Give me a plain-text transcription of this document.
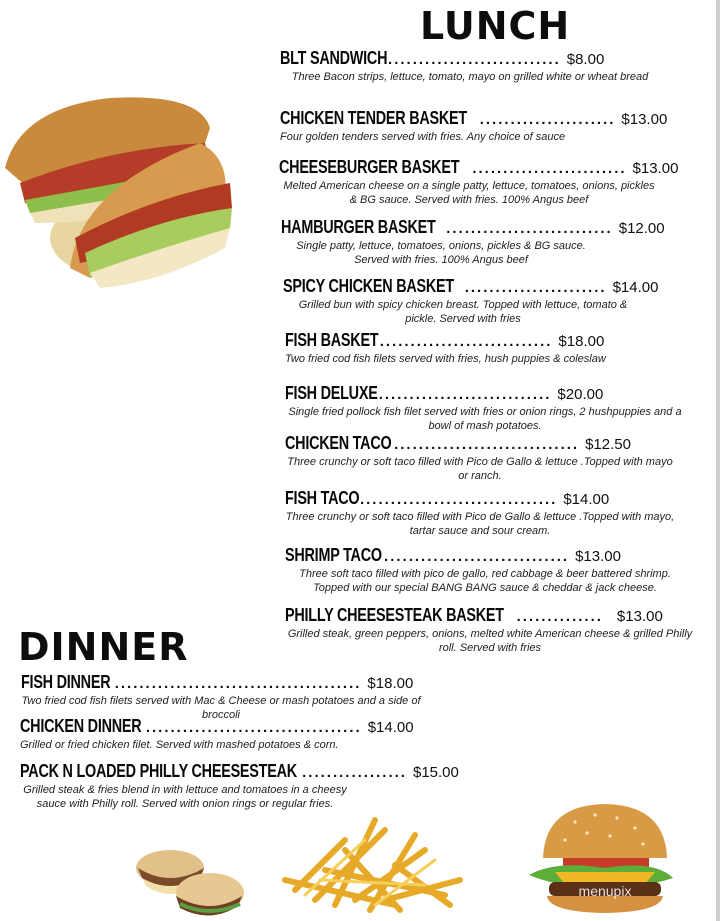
LUNCH
BLT SANDWICH ............................ $8.00
Three Bacon strips, lettuce, tomato, mayo on grilled white or wheat bread
CHICKEN TENDER BASKET ...................... $13.00
Four golden tenders served with fries. Any choice of sauce
CHEESEBURGER BASKET ......................... $13.00
Melted American cheese on a single patty, lettuce, tomatoes, onions, pickles & BG sauce. Served with fries. 100% Angus beef
HAMBURGER BASKET ........................... $12.00
Single patty, lettuce, tomatoes, onions, pickles & BG sauce. Served with fries. 100% Angus beef
SPICY CHICKEN BASKET ....................... $14.00
Grilled bun with spicy chicken breast. Topped with lettuce, tomato & pickle. Served with fries
FISH BASKET ............................ $18.00
Two fried cod fish filets served with fries, hush puppies & coleslaw
FISH DELUXE ............................ $20.00
Single fried pollock fish filet served with fries or onion rings, 2 hushpuppies and a bowl of mash potatoes.
CHICKEN TACO .............................. $12.50
Three crunchy or soft taco filled with Pico de Gallo & lettuce .Topped with mayo or ranch.
FISH TACO ................................ $14.00
Three crunchy or soft taco filled with Pico de Gallo & lettuce .Topped with mayo, tartar sauce and sour cream.
SHRIMP TACO .............................. $13.00
Three soft taco filled with pico de gallo, red cabbage & beer battered shrimp. Topped with our special BANG BANG sauce & cheddar & jack cheese.
PHILLY CHEESESTEAK BASKET .............. $13.00
Grilled steak, green peppers, onions, melted white American cheese & grilled Philly roll. Served with fries
DINNER
FISH DINNER ........................................ $18.00
Two fried cod fish filets served with Mac & Cheese or mash potatoes and a side of broccoli
CHICKEN DINNER ................................... $14.00
Grilled or fried chicken filet. Served with mashed potatoes & corn.
PACK N LOADED PHILLY CHEESESTEAK ................. $15.00
Grilled steak & fries blend in with lettuce and tomatoes in a cheesy sauce with Philly roll. Served with onion rings or regular fries.
menupix
